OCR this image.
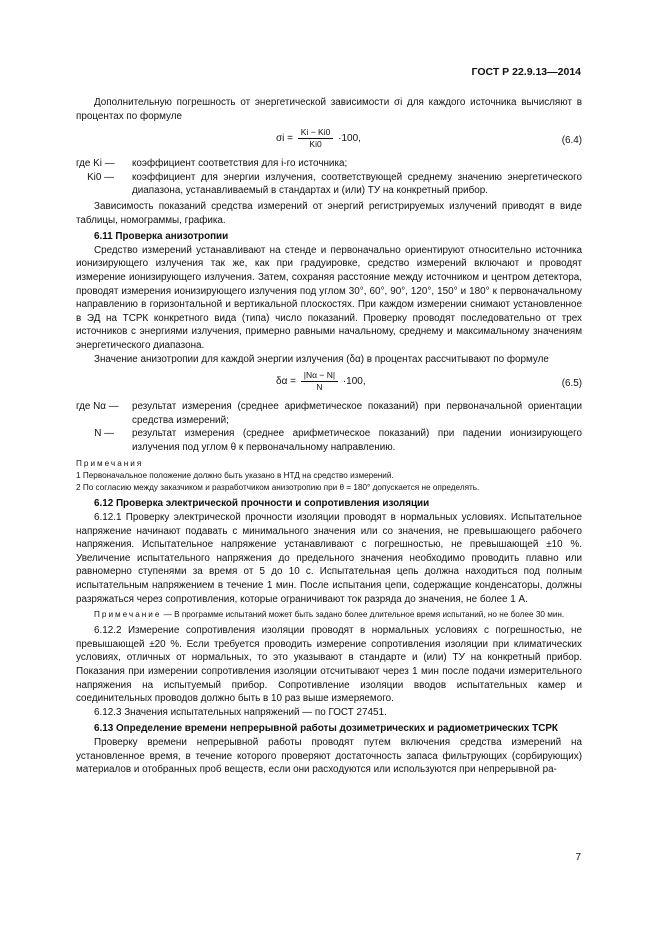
ГОСТ Р 22.9.13—2014

Дополнительную погрешность от энергетической зависимости σi для каждого источника вычисляют в процентах по формуле

$\sigma i = \frac{Ki - Ki0}{Ki0} \cdot 100$,	(6.4)
где Ki — коэффициент соответствия для i-го источника;
Ki0 — коэффициент для энергии излучения, соответствующей среднему значению энергетического диапазона, устанавливаемый в стандартах и (или) ТУ на конкретный прибор.

Зависимость показаний средства измерений от энергий регистрируемых излучений приводят в виде таблицы, номограммы, графика.

6.11 Проверка анизотропии

Средство измерений устанавливают на стенде и первоначально ориентируют относительно источника ионизирующего излучения так же, как при градуировке, средство измерений включают и проводят измерение ионизирующего излучения. Затем, сохраняя расстояние между источником и центром детектора, проводят измерения ионизирующего излучения под углом 30°, 60°, 90°, 120°, 150° и 180° к первоначальному направлению в горизонтальной и вертикальной плоскостях. При каждом измерении снимают установленное в ЭД на ТСРК конкретного вида (типа) число показаний. Проверку проводят последовательно от трех источников с энергиями излучения, примерно равными начальному, среднему и максимальному значениям энергетического диапазона.

Значение анизотропии для каждой энергии излучения (δα) в процентах рассчитывают по формуле

$\delta\alpha = \frac{|N\alpha - N|}{N} \cdot 100$,	(6.5)
где Nα — результат измерения (среднее арифметическое показаний) при первоначальной ориентации средства измерений;
N — результат измерения (среднее арифметическое показаний) при падении ионизирующего излучения под углом θ к первоначальному направлению.

Примечания

1 Первоначальное положение должно быть указано в НТД на средство измерений.

2 По согласию между заказчиком и разработчиком анизотропию при θ = 180° допускается не определять.

6.12 Проверка электрической прочности и сопротивления изоляции

6.12.1 Проверку электрической прочности изоляции проводят в нормальных условиях. Испытательное напряжение начинают подавать с минимального значения или со значения, не превышающего рабочего напряжения. Испытательное напряжение устанавливают с погрешностью, не превышающей ±10 %. Увеличение испытательного напряжения до предельного значения необходимо проводить плавно или равномерно ступенями за время от 5 до 10 с. Испытательная цепь должна находиться под полным испытательным напряжением в течение 1 мин. После испытания цепи, содержащие конденсаторы, должны разряжаться через сопротивления, которые ограничивают ток разряда до значения, не более 1 А.

Примечание — В программе испытаний может быть задано более длительное время испытаний, но не более 30 мин.

6.12.2 Измерение сопротивления изоляции проводят в нормальных условиях с погрешностью, не превышающей ±20 %. Если требуется проводить измерение сопротивления изоляции при климатических условиях, отличных от нормальных, то это указывают в стандарте и (или) ТУ на конкретный прибор. Показания при измерении сопротивления изоляции отсчитывают через 1 мин после подачи измерительного напряжения на испытуемый прибор. Сопротивление изоляции вводов испытательных камер и соединительных проводов должно быть в 10 раз выше измеряемого.

6.12.3 Значения испытательных напряжений — по ГОСТ 27451.

6.13 Определение времени непрерывной работы дозиметрических и радиометрических ТСРК

Проверку времени непрерывной работы проводят путем включения средства измерений на установленное время, в течение которого проверяют достаточность запаса фильтрующих (сорбирующих) материалов и отобранных проб веществ, если они расходуются или используются при непрерывной ра-

7
